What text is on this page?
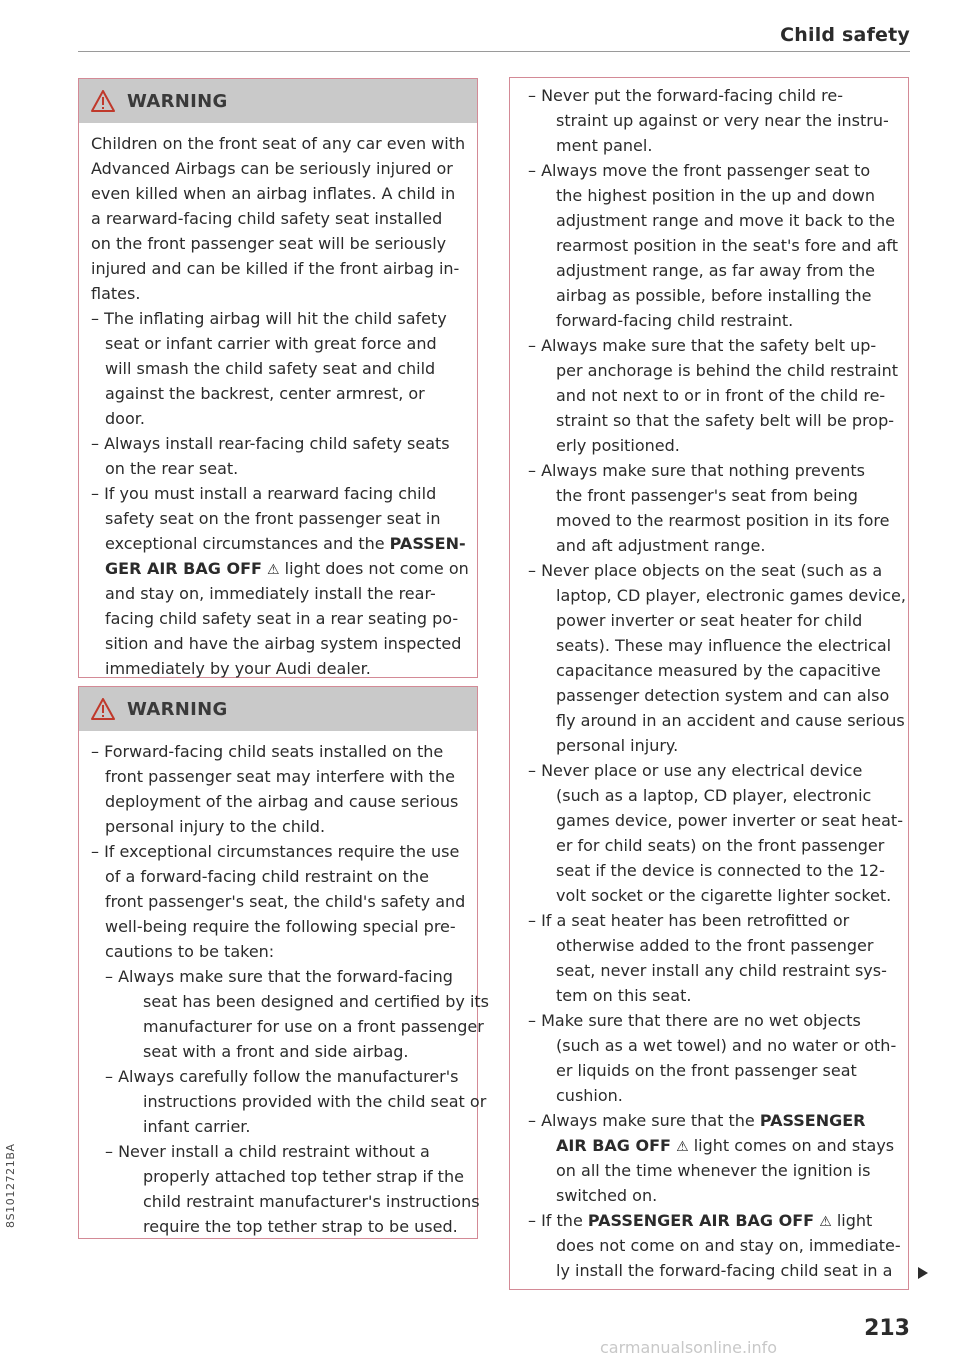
Child safety
WARNING
Children on the front seat of any car even with
Advanced Airbags can be seriously injured or
even killed when an airbag inflates. A child in
a rearward-facing child safety seat installed
on the front passenger seat will be seriously
injured and can be killed if the front airbag in-
flates.
– The inflating airbag will hit the child safety
seat or infant carrier with great force and
will smash the child safety seat and child
against the backrest, center armrest, or
door.
– Always install rear-facing child safety seats
on the rear seat.
– If you must install a rearward facing child
safety seat on the front passenger seat in
exceptional circumstances and the PASSEN-
GER AIR BAG OFF ⚠︎ light does not come on
and stay on, immediately install the rear-
facing child safety seat in a rear seating po-
sition and have the airbag system inspected
immediately by your Audi dealer.
WARNING
– Forward-facing child seats installed on the
front passenger seat may interfere with the
deployment of the airbag and cause serious
personal injury to the child.
– If exceptional circumstances require the use
of a forward-facing child restraint on the
front passenger's seat, the child's safety and
well-being require the following special pre-
cautions to be taken:
– Always make sure that the forward-facing
seat has been designed and certified by its
manufacturer for use on a front passenger
seat with a front and side airbag.
– Always carefully follow the manufacturer's
instructions provided with the child seat or
infant carrier.
– Never install a child restraint without a
properly attached top tether strap if the
child restraint manufacturer's instructions
require the top tether strap to be used.
– Never put the forward-facing child re-
straint up against or very near the instru-
ment panel.
– Always move the front passenger seat to
the highest position in the up and down
adjustment range and move it back to the
rearmost position in the seat's fore and aft
adjustment range, as far away from the
airbag as possible, before installing the
forward-facing child restraint.
– Always make sure that the safety belt up-
per anchorage is behind the child restraint
and not next to or in front of the child re-
straint so that the safety belt will be prop-
erly positioned.
– Always make sure that nothing prevents
the front passenger's seat from being
moved to the rearmost position in its fore
and aft adjustment range.
– Never place objects on the seat (such as a
laptop, CD player, electronic games device,
power inverter or seat heater for child
seats). These may influence the electrical
capacitance measured by the capacitive
passenger detection system and can also
fly around in an accident and cause serious
personal injury.
– Never place or use any electrical device
(such as a laptop, CD player, electronic
games device, power inverter or seat heat-
er for child seats) on the front passenger
seat if the device is connected to the 12-
volt socket or the cigarette lighter socket.
– If a seat heater has been retrofitted or
otherwise added to the front passenger
seat, never install any child restraint sys-
tem on this seat.
– Make sure that there are no wet objects
(such as a wet towel) and no water or oth-
er liquids on the front passenger seat
cushion.
– Always make sure that the PASSENGER
AIR BAG OFF ⚠︎ light comes on and stays
on all the time whenever the ignition is
switched on.
– If the PASSENGER AIR BAG OFF ⚠︎ light
does not come on and stay on, immediate-
ly install the forward-facing child seat in a
213
8S1012721BA
carmanualsonline.info
